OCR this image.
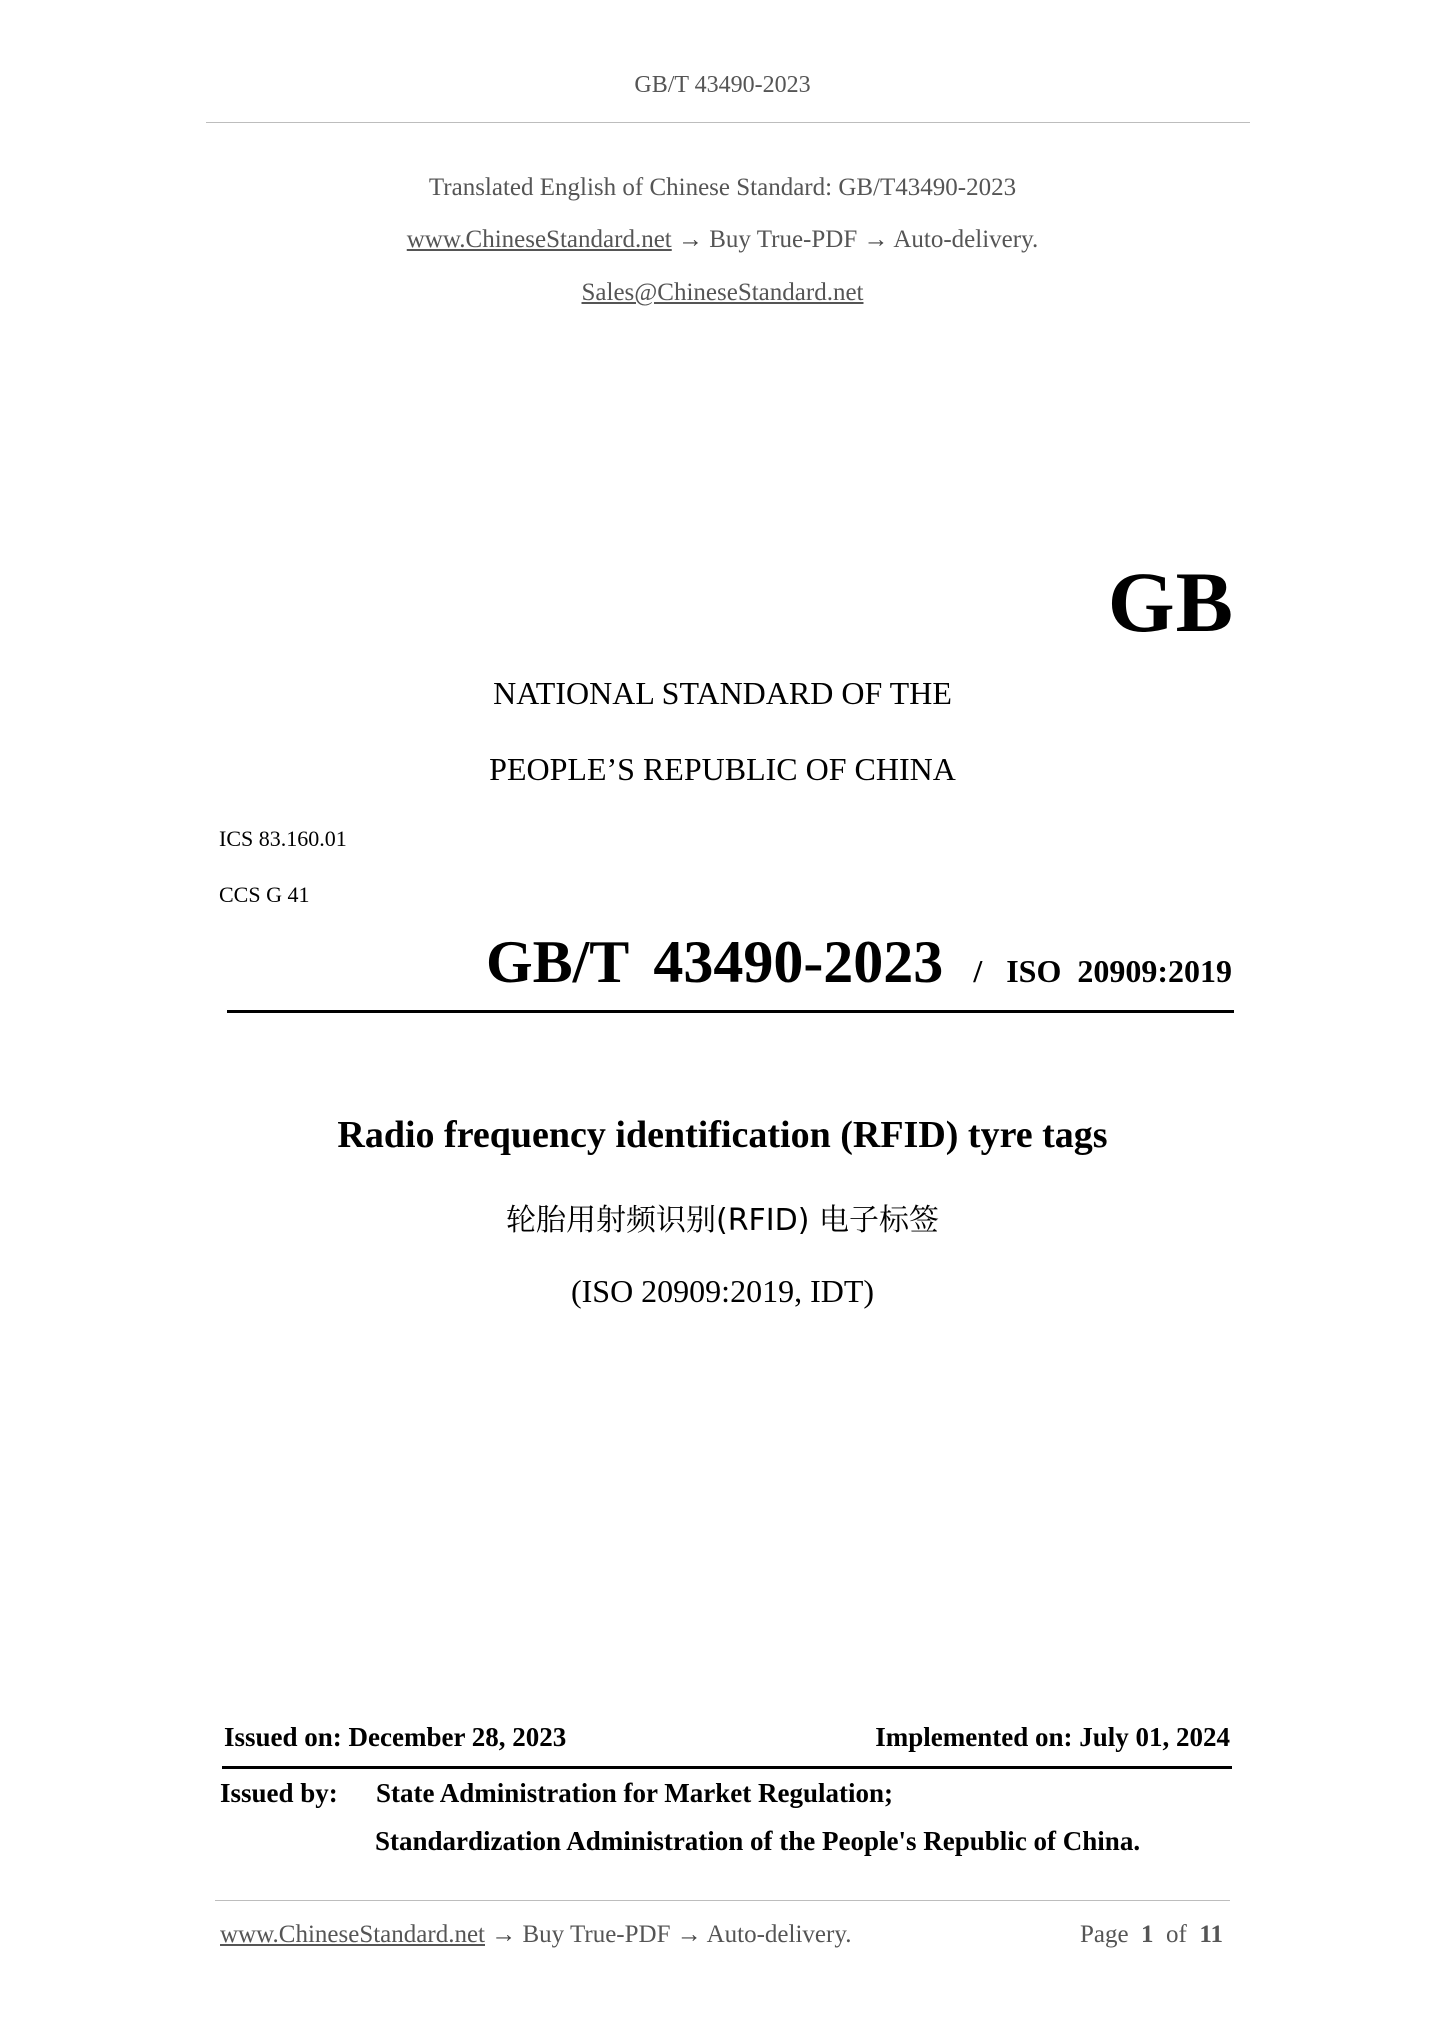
GB/T 43490-2023
Translated English of Chinese Standard: GB/T43490-2023
www.ChineseStandard.net → Buy True-PDF → Auto-delivery.
Sales@ChineseStandard.net
GB
NATIONAL STANDARD OF THE
PEOPLE’S REPUBLIC OF CHINA
ICS 83.160.01
CCS G 41
GB/T 43490-2023 / ISO 20909:2019
Radio frequency identification (RFID) tyre tags
轮胎用射频识别(RFID) 电子标签
(ISO 20909:2019, IDT)
Issued on: December 28, 2023	Implemented on: July 01, 2024
Issued by: State Administration for Market Regulation;
Standardization Administration of the People's Republic of China.
www.ChineseStandard.net → Buy True-PDF → Auto-delivery.	Page 1 of 11
